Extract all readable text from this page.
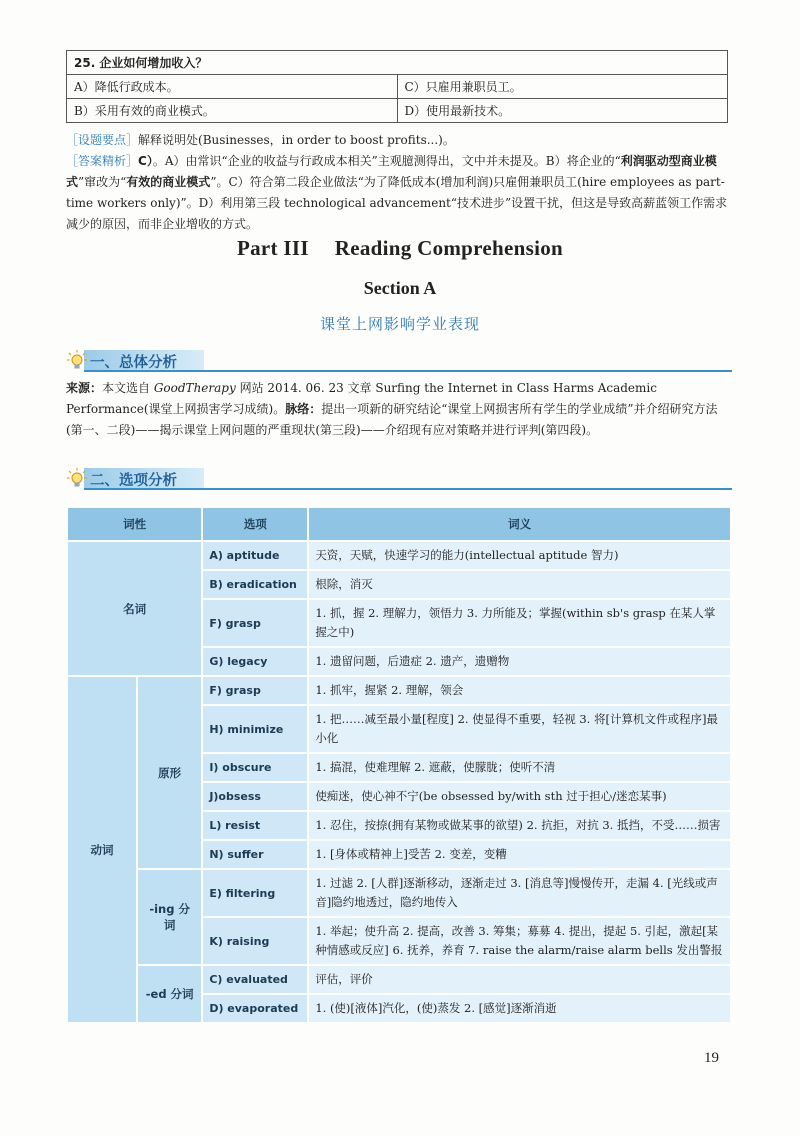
25. 企业如何增加收入？	
A）降低行政成本。	C）只雇用兼职员工。
B）采用有效的商业模式。	D）使用最新技术。
［设题要点］解释说明处(Businesses，in order to boost profits...)。
［答案精析］C）。A）由常识“企业的收益与行政成本相关”主观臆测得出，文中并未提及。B）将企业的“利润驱动型商业模式”窜改为“有效的商业模式”。C）符合第二段企业做法“为了降低成本(增加利润)只雇佣兼职员工(hire employees as part-time workers only)”。D）利用第三段 technological advancement“技术进步”设置干扰，但这是导致高薪蓝领工作需求减少的原因，而非企业增收的方式。
Part III Reading Comprehension
Section A
课堂上网影响学业表现
一、总体分析
来源：本文选自 GoodTherapy 网站 2014. 06. 23 文章 Surfing the Internet in Class Harms Academic Performance(课堂上网损害学习成绩)。脉络：提出一项新的研究结论“课堂上网损害所有学生的学业成绩”并介绍研究方法(第一、二段)——揭示课堂上网问题的严重现状(第三段)——介绍现有应对策略并进行评判(第四段)。
二、选项分析
词性		选项	词义
名词		A) aptitude	天资，天赋，快速学习的能力(intellectual aptitude 智力)
		B) eradication	根除，消灭
		F) grasp	1. 抓，握 2. 理解力，领悟力 3. 力所能及；掌握(within sb's grasp 在某人掌握之中)
		G) legacy	1. 遗留问题，后遗症 2. 遗产，遗赠物
动词	原形	F) grasp	1. 抓牢，握紧 2. 理解，领会
		H) minimize	1. 把……减至最小量[程度] 2. 使显得不重要，轻视 3. 将[计算机文件或程序]最小化
		I) obscure	1. 搞混，使难理解 2. 遮蔽，使朦胧；使听不清
		J)obsess	使痴迷，使心神不宁(be obsessed by/with sth 过于担心/迷恋某事)
		L) resist	1. 忍住，按捺(拥有某物或做某事的欲望) 2. 抗拒，对抗 3. 抵挡，不受……损害
		N) suffer	1. [身体或精神上]受苦 2. 变差，变糟
	-ing 分词	E) filtering	1. 过滤 2. [人群]逐渐移动，逐渐走过 3. [消息等]慢慢传开，走漏 4. [光线或声音]隐约地透过，隐约地传入
		K) raising	1. 举起；使升高 2. 提高，改善 3. 筹集；募募 4. 提出，提起 5. 引起，激起[某种情感或反应] 6. 抚养，养育 7. raise the alarm/raise alarm bells 发出警报
	-ed 分词	C) evaluated	评估，评价
		D) evaporated	1. (使)[液体]汽化，(使)蒸发 2. [感觉]逐渐消逝
19
